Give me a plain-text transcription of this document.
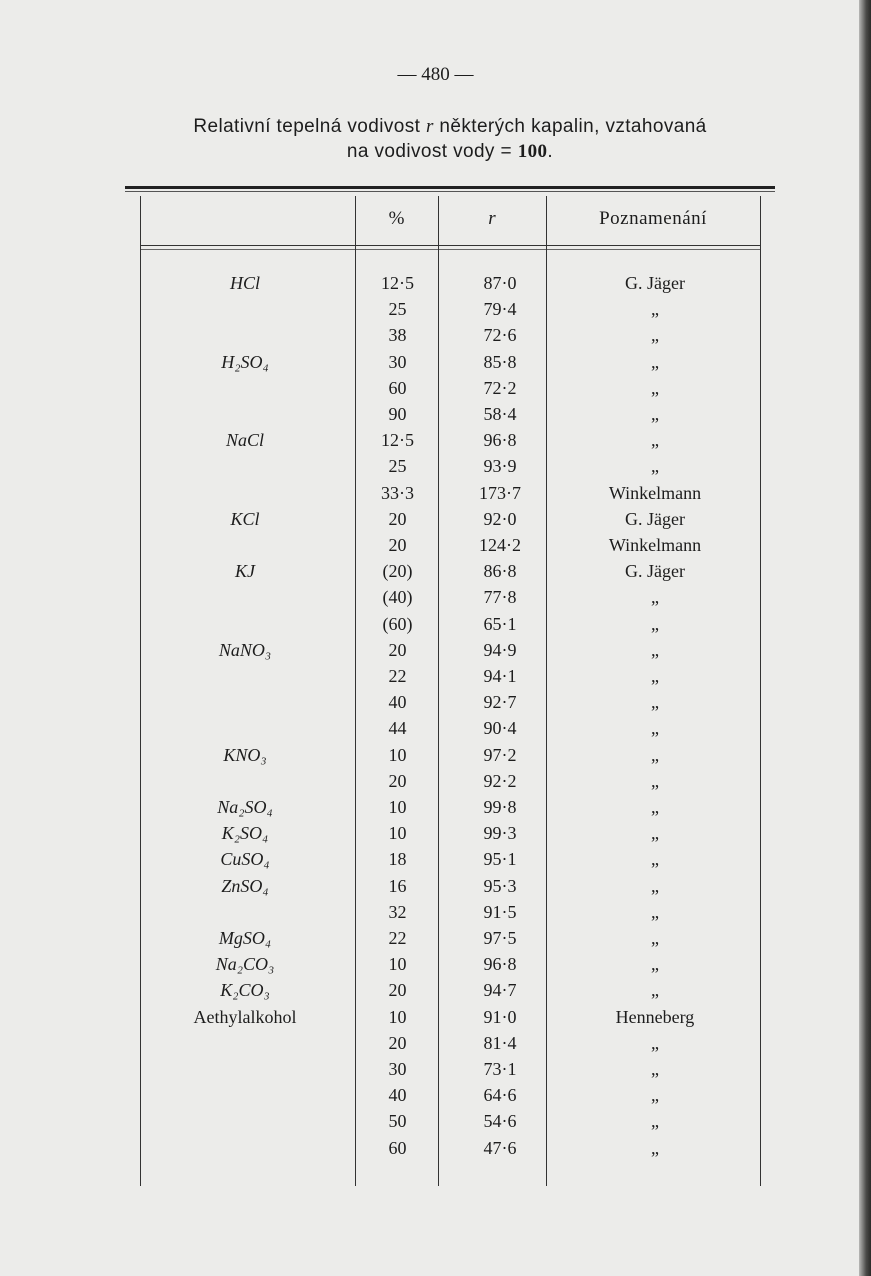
— 480 —
Relativní tepelná vodivost r některých kapalin, vztahovaná
na vodivost vody = 100.
%	r	Poznamenání
HCl	12·5	87·0	G. Jäger
25	79·4	„
38	72·6	„
H₂SO₄	30	85·8	„
60	72·2	„
90	58·4	„
NaCl	12·5	96·8	„
25	93·9	„
33·3	173·7	Winkelmann
KCl	20	92·0	G. Jäger
20	124·2	Winkelmann
KJ	(20)	86·8	G. Jäger
(40)	77·8	„
(60)	65·1	„
NaNO₃	20	94·9	„
22	94·1	„
40	92·7	„
44	90·4	„
KNO₃	10	97·2	„
20	92·2	„
Na₂SO₄	10	99·8	„
K₂SO₄	10	99·3	„
CuSO₄	18	95·1	„
ZnSO₄	16	95·3	„
32	91·5	„
MgSO₄	22	97·5	„
Na₂CO₃	10	96·8	„
K₂CO₃	20	94·7	„
Aethylalkohol	10	91·0	Henneberg
20	81·4	„
30	73·1	„
40	64·6	„
50	54·6	„
60	47·6	„
